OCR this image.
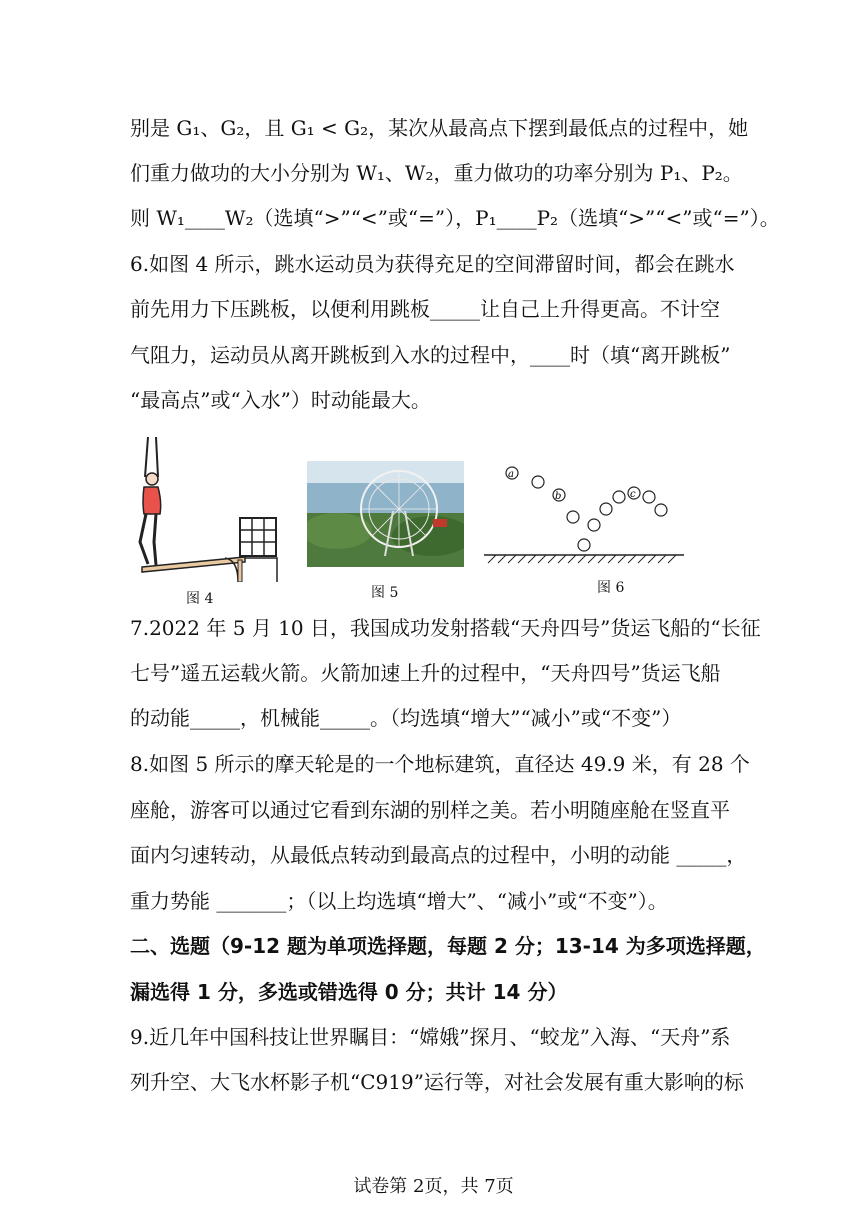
别是 G₁、G₂，且 G₁ < G₂，某次从最高点下摆到最低点的过程中，她
们重力做功的大小分别为 W₁、W₂，重力做功的功率分别为 P₁、P₂。
则 W₁____W₂（选填“>”“<”或“=”），P₁____P₂（选填“>”“<”或“=”）。
6.如图 4 所示，跳水运动员为获得充足的空间滞留时间，都会在跳水
前先用力下压跳板，以便利用跳板_____让自己上升得更高。不计空
气阻力，运动员从离开跳板到入水的过程中，____时（填“离开跳板”
“最高点”或“入水”）时动能最大。
图 4	图 5
a
b	c
图 6
7.2022 年 5 月 10 日，我国成功发射搭载“天舟四号”货运飞船的“长征
七号”遥五运载火箭。火箭加速上升的过程中，“天舟四号”货运飞船
的动能_____，机械能_____。（均选填“增大”“减小”或“不变”）
8.如图 5 所示的摩天轮是的一个地标建筑，直径达 49.9 米，有 28 个
座舱，游客可以通过它看到东湖的别样之美。若小明随座舱在竖直平
面内匀速转动，从最低点转动到最高点的过程中，小明的动能 _____，
重力势能 _______；（以上均选填“增大”、“减小”或“不变”）。
二、选题（9-12 题为单项选择题，每题 2 分；13-14 为多项选择题，
漏选得 1 分，多选或错选得 0 分；共计 14 分）
9.近几年中国科技让世界瞩目：“嫦娥”探月、“蛟龙”入海、“天舟”系
列升空、大飞水杯影子机“C919”运行等，对社会发展有重大影响的标
试卷第 2页，共 7页
